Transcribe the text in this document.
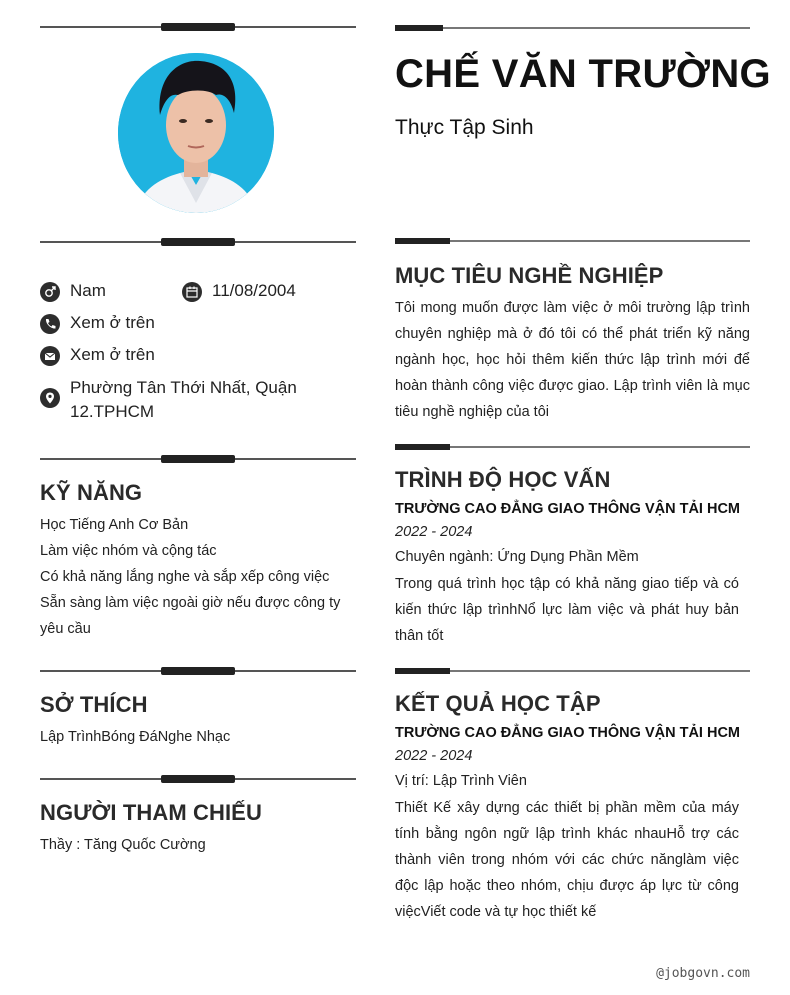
Nam	11/08/2004
Xem ở trên
Xem ở trên
Phường Tân Thới Nhất, Quận
12.TPHCM
KỸ NĂNG
Học Tiếng Anh Cơ Bản
Làm việc nhóm và cộng tác
Có khả năng lắng nghe và sắp xếp công việc
Sẵn sàng làm việc ngoài giờ nếu được công ty
yêu cầu
SỞ THÍCH
Lập TrìnhBóng ĐáNghe Nhạc
NGƯỜI THAM CHIẾU
Thầy : Tăng Quốc Cường
CHẾ VĂN TRƯỜNG
Thực Tập Sinh
MỤC TIÊU NGHỀ NGHIỆP
Tôi mong muốn được làm việc ở môi trường lập trình chuyên nghiệp mà ở đó tôi có thể phát triển kỹ năng ngành học, học hỏi thêm kiến thức lập trình mới để hoàn thành công việc được giao. Lập trình viên là mục tiêu nghề nghiệp của tôi
TRÌNH ĐỘ HỌC VẤN
TRƯỜNG CAO ĐẲNG GIAO THÔNG VẬN TẢI HCM
2022 - 2024
Chuyên ngành: Ứng Dụng Phần Mềm
Trong quá trình học tập có khả năng giao tiếp và có kiến thức lập trìnhNổ lực làm việc và phát huy bản thân tốt
KẾT QUẢ HỌC TẬP
TRƯỜNG CAO ĐẲNG GIAO THÔNG VẬN TẢI HCM
2022 - 2024
Vị trí: Lập Trình Viên
Thiết Kế xây dựng các thiết bị phần mềm của máy tính bằng ngôn ngữ lập trình khác nhauHỗ trợ các thành viên trong nhóm với các chức nănglàm việc độc lập hoặc theo nhóm, chịu được áp lực từ công việcViết code và tự học thiết kế
@jobgovn.com
